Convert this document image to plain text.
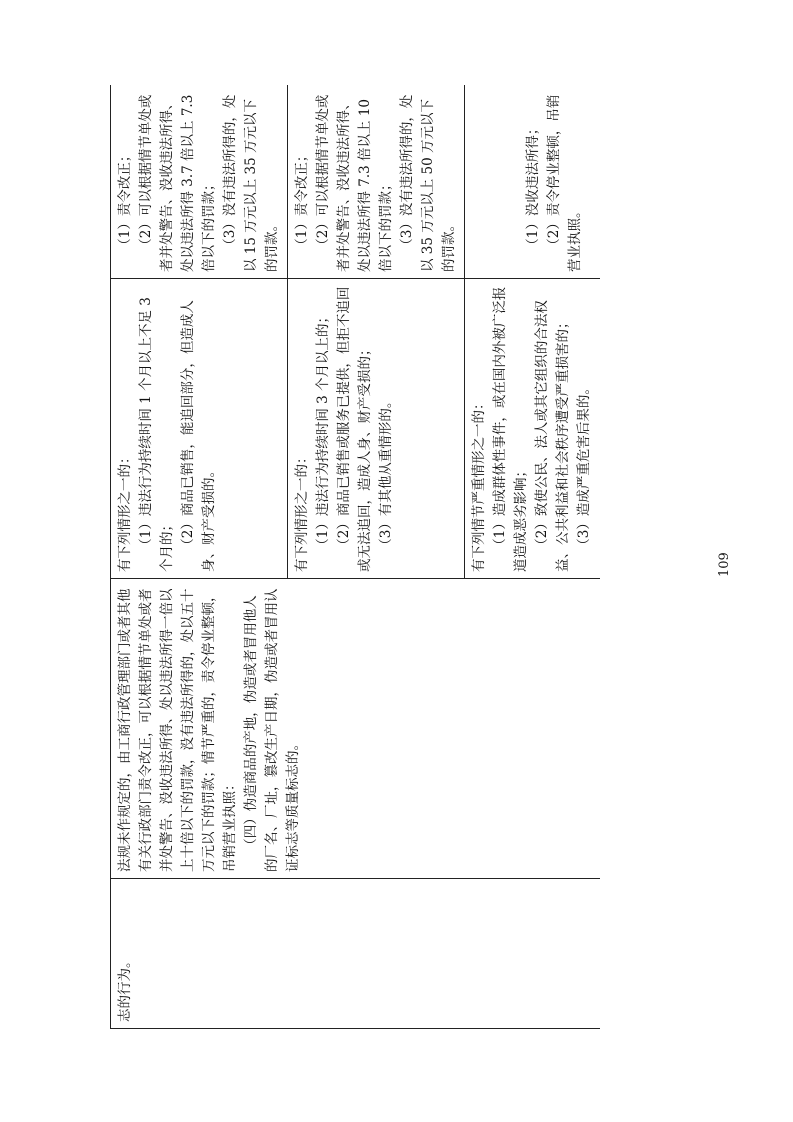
志的行为。	法规未作规定的，由工商行政管理部门或者其他有关行政部门责令改正，可以根据情节单处或者并处警告、没收违法所得、处以违法所得一倍以上十倍以下的罚款，没有违法所得的，处以五十万元以下的罚款；情节严重的，责令停业整顿，吊销营业执照： （四）伪造商品的产地，伪造或者冒用他人的厂名、厂址，篡改生产日期，伪造或者冒用认证标志等质量标志的。	有下列情形之一的： （1）违法行为持续时间 1 个月以上不足 3 个月的； （2）商品已销售，能追回部分，但造成人身、财产受损的。	（1）责令改正； （2）可以根据情节单处或者并处警告、没收违法所得、处以违法所得 3.7 倍以上 7.3 倍以下的罚款； （3）没有违法所得的，处以 15 万元以上 35 万元以下的罚款。

		有下列情形之一的： （1）违法行为持续时间 3 个月以上的； （2）商品已销售或服务已提供，但拒不追回或无法追回，造成人身、财产受损的； （3）有其他从重情形的。	（1）责令改正； （2）可以根据情节单处或者并处警告、没收违法所得、处以违法所得 7.3 倍以上 10 倍以下的罚款； （3）没有违法所得的，处以 35 万元以上 50 万元以下的罚款。

		有下列情节严重情形之一的： （1）造成群体性事件，或在国内外被广泛报道造成恶劣影响； （2）致使公民、法人或其它组织的合法权益、公共利益和社会秩序遭受严重损害的； （3）造成严重危害后果的。	（1）没收违法所得； （2）责令停业整顿，吊销营业执照。
109
